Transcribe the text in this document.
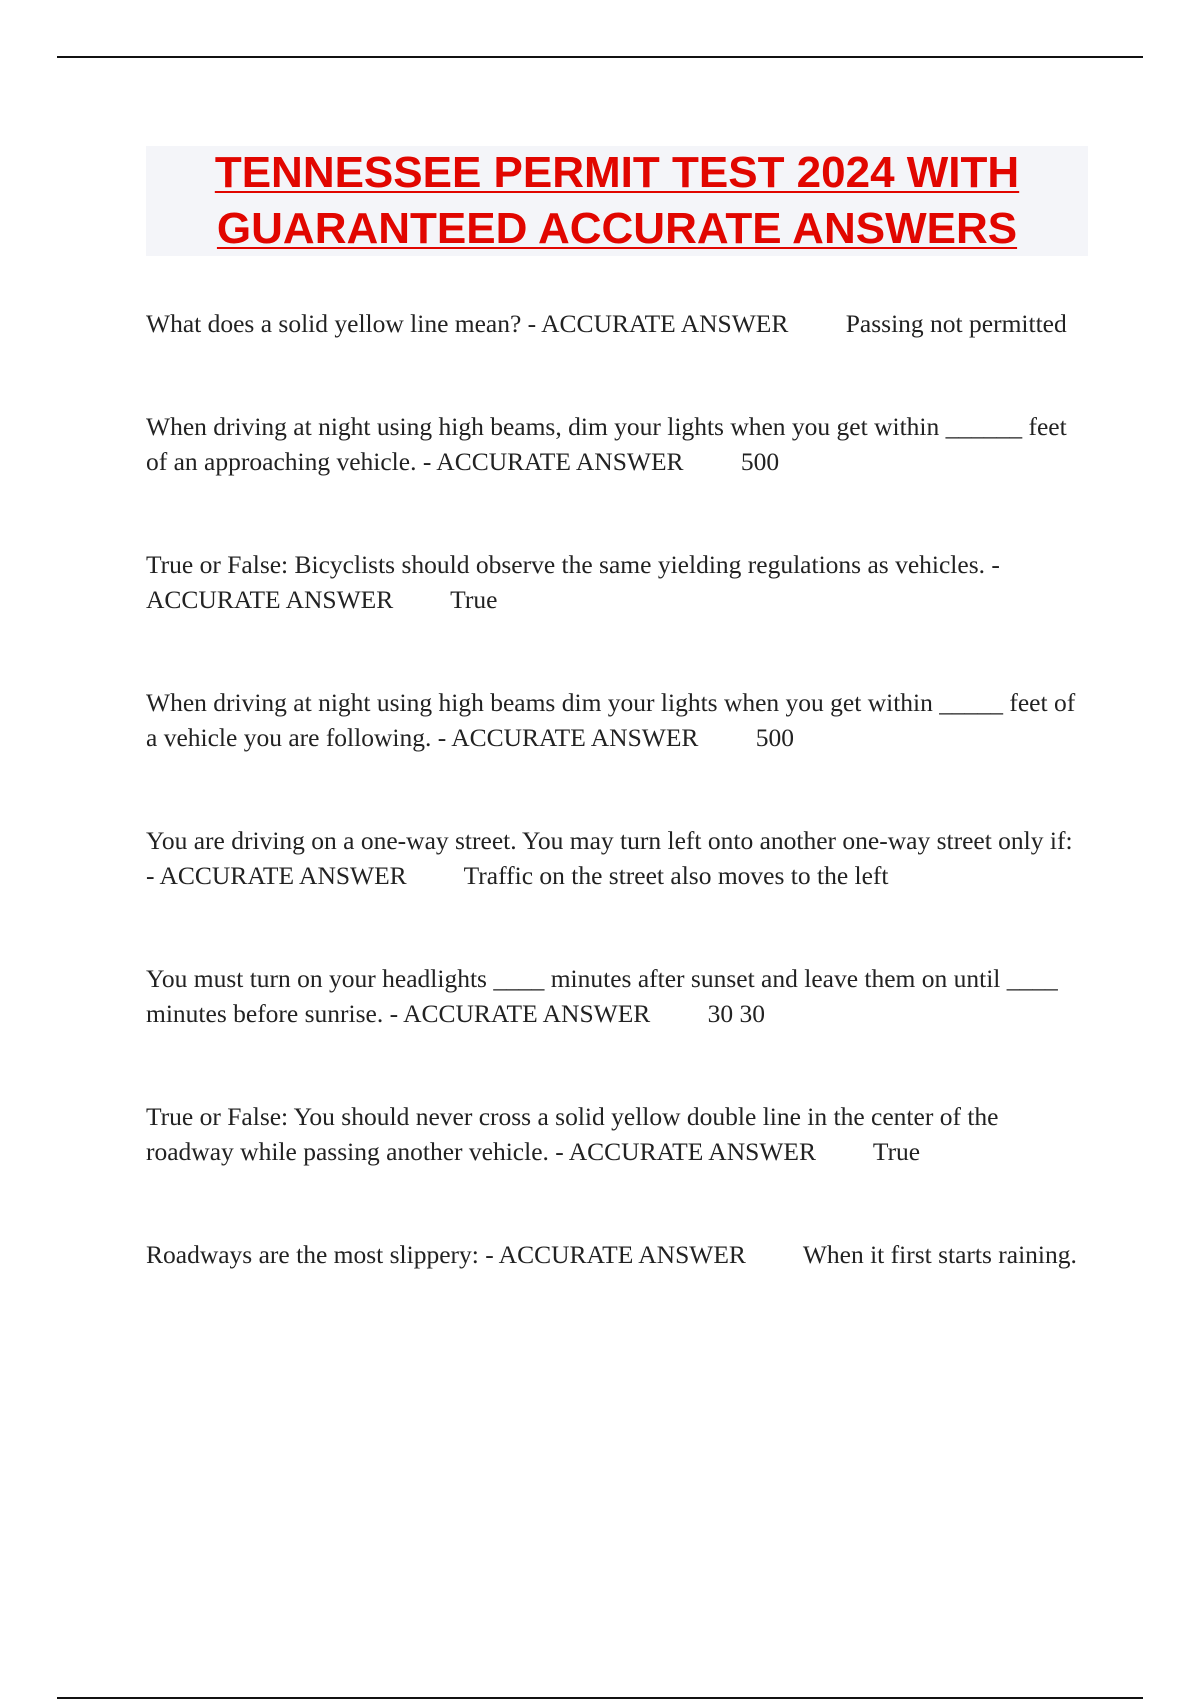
TENNESSEE PERMIT TEST 2024 WITH GUARANTEED ACCURATE ANSWERS

What does a solid yellow line mean? - ACCURATE ANSWER         Passing not permitted

When driving at night using high beams, dim your lights when you get within ______ feet of an approaching vehicle. - ACCURATE ANSWER         500

True or False: Bicyclists should observe the same yielding regulations as vehicles. - ACCURATE ANSWER         True

When driving at night using high beams dim your lights when you get within _____ feet of a vehicle you are following. - ACCURATE ANSWER         500

You are driving on a one-way street. You may turn left onto another one-way street only if: - ACCURATE ANSWER         Traffic on the street also moves to the left

You must turn on your headlights ____ minutes after sunset and leave them on until ____ minutes before sunrise. - ACCURATE ANSWER         30 30

True or False: You should never cross a solid yellow double line in the center of the roadway while passing another vehicle. - ACCURATE ANSWER         True

Roadways are the most slippery: - ACCURATE ANSWER         When it first starts raining.
